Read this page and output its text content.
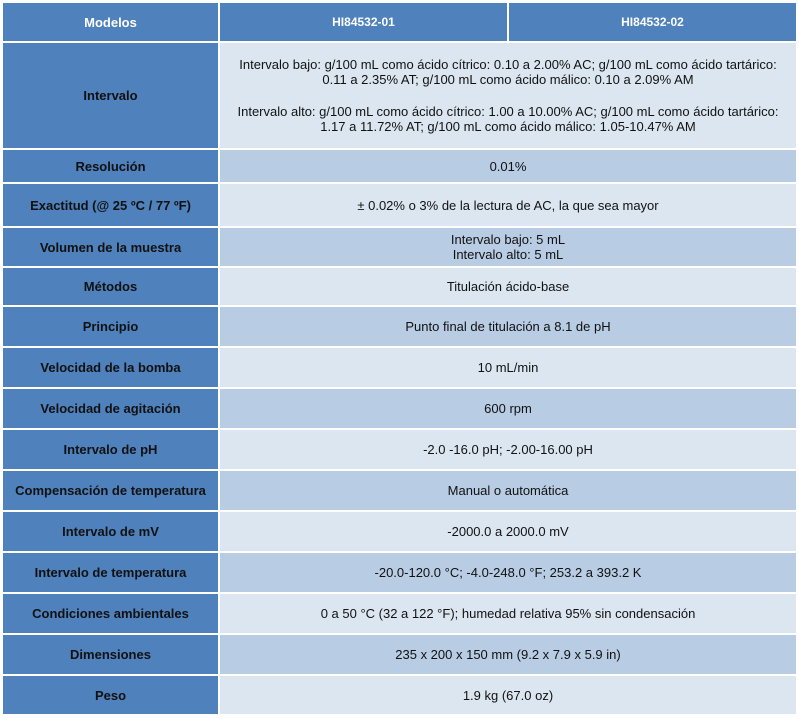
Modelos	HI84532-01	HI84532-02
Intervalo	Intervalo bajo: g/100 mL como ácido cítrico: 0.10 a 2.00% AC; g/100 mL como ácido tartárico: 0.11 a 2.35% AT; g/100 mL como ácido málico: 0.10 a 2.09% AM
Intervalo alto: g/100 mL como ácido cítrico: 1.00 a 10.00% AC; g/100 mL como ácido tartárico: 1.17 a 11.72% AT; g/100 mL como ácido málico: 1.05-10.47% AM	

Resolución	0.01%	
Exactitud (@ 25 ºC / 77 ºF)	± 0.02% o 3% de la lectura de AC, la que sea mayor	
Volumen de la muestra	Intervalo bajo: 5 mL
Intervalo alto: 5 mL	

Métodos	Titulación ácido-base	
Principio	Punto final de titulación a 8.1 de pH	
Velocidad de la bomba	10 mL/min	
Velocidad de agitación	600 rpm	
Intervalo de pH	-2.0 -16.0 pH; -2.00-16.00 pH	
Compensación de temperatura	Manual o automática	
Intervalo de mV	-2000.0 a 2000.0 mV	
Intervalo de temperatura	-20.0-120.0 °C; -4.0-248.0 °F; 253.2 a 393.2 K	
Condiciones ambientales	0 a 50 °C (32 a 122 °F); humedad relativa 95% sin condensación	
Dimensiones	235 x 200 x 150 mm (9.2 x 7.9 x 5.9 in)	
Peso	1.9 kg (67.0 oz)	
